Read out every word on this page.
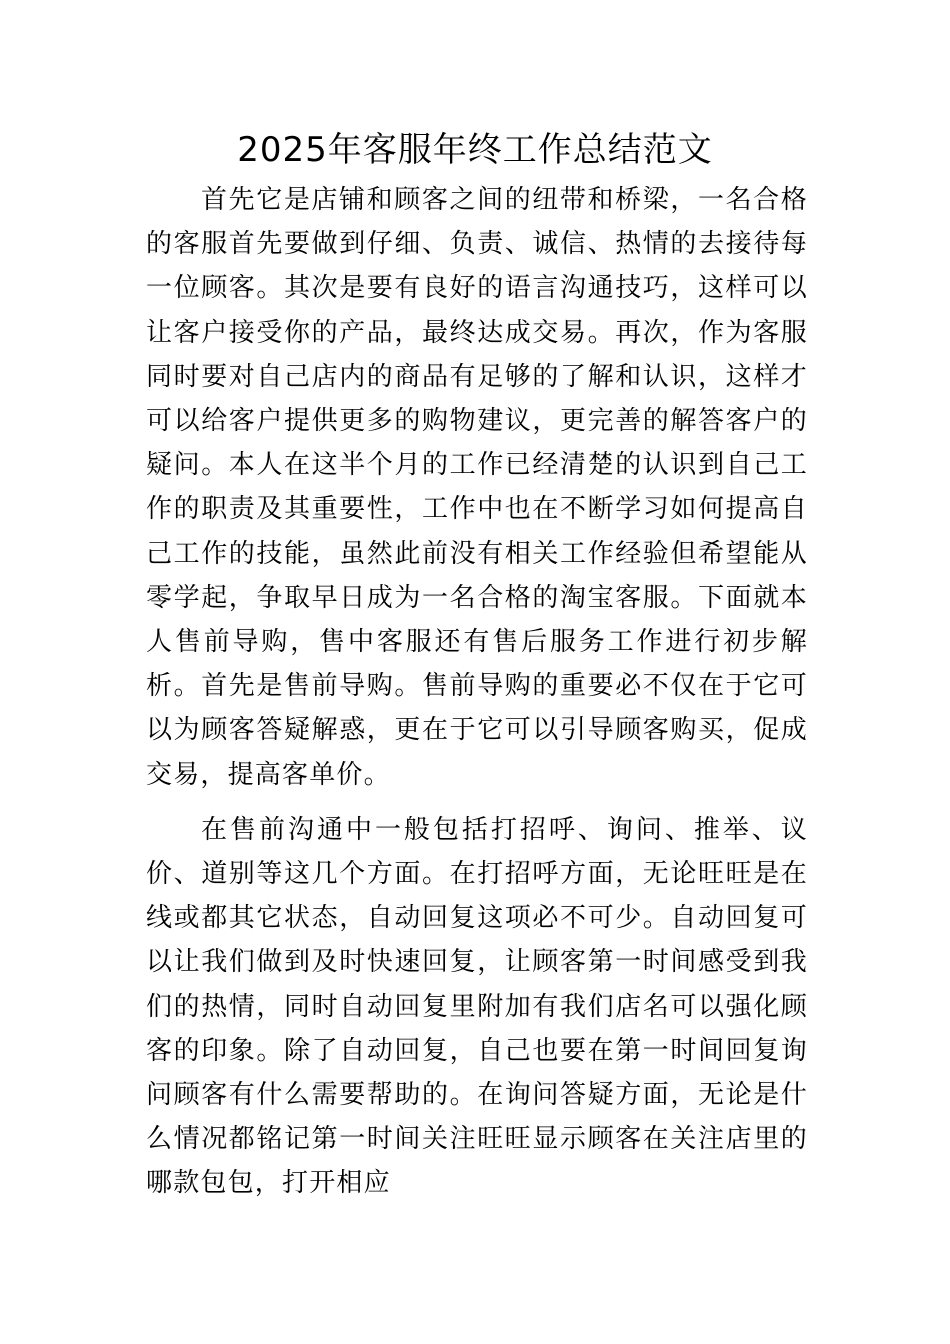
2025年客服年终工作总结范文

首先它是店铺和顾客之间的纽带和桥梁，一名合格的客服首先要做到仔细、负责、诚信、热情的去接待每一位顾客。其次是要有良好的语言沟通技巧，这样可以让客户接受你的产品，最终达成交易。再次，作为客服同时要对自己店内的商品有足够的了解和认识，这样才可以给客户提供更多的购物建议，更完善的解答客户的疑问。本人在这半个月的工作已经清楚的认识到自己工作的职责及其重要性，工作中也在不断学习如何提高自己工作的技能，虽然此前没有相关工作经验但希望能从零学起，争取早日成为一名合格的淘宝客服。下面就本人售前导购，售中客服还有售后服务工作进行初步解析。首先是售前导购。售前导购的重要必不仅在于它可以为顾客答疑解惑，更在于它可以引导顾客购买，促成交易，提高客单价。

在售前沟通中一般包括打招呼、询问、推举、议价、道别等这几个方面。在打招呼方面，无论旺旺是在线或都其它状态，自动回复这项必不可少。自动回复可以让我们做到及时快速回复，让顾客第一时间感受到我们的热情，同时自动回复里附加有我们店名可以强化顾客的印象。除了自动回复，自己也要在第一时间回复询问顾客有什么需要帮助的。在询问答疑方面，无论是什么情况都铭记第一时间关注旺旺显示顾客在关注店里的哪款包包，打开相应
